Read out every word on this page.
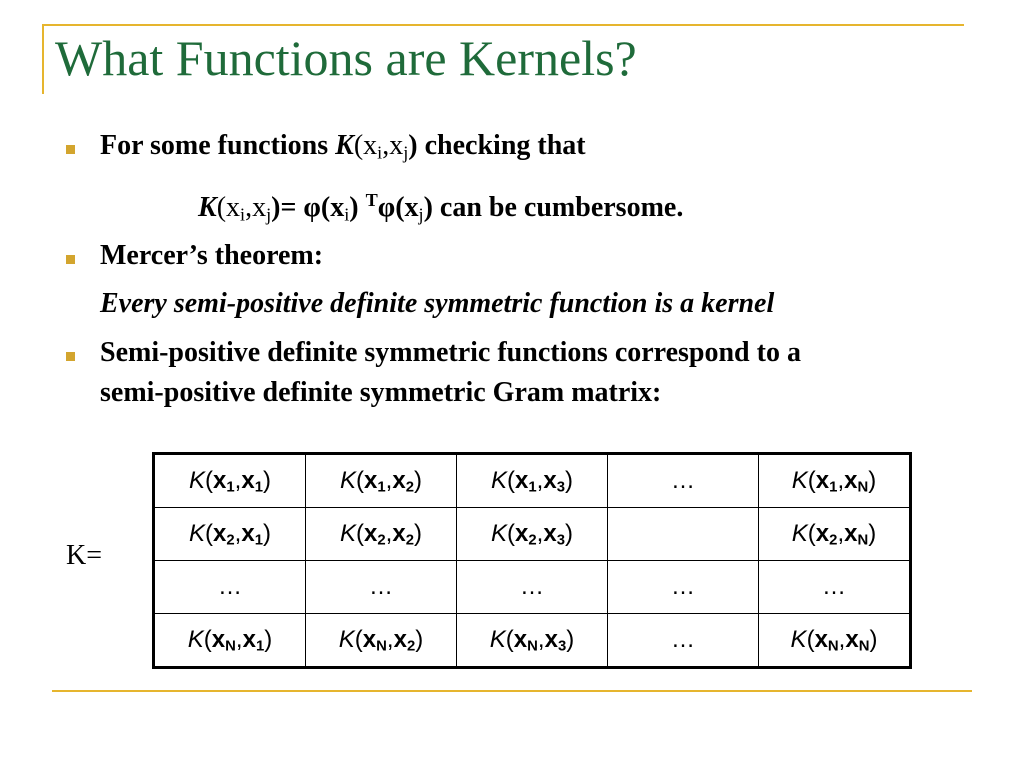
What Functions are Kernels?
For some functions $K(x_i,x_j)$ checking that
$K(x_i,x_j)= \varphi(x_i)$ $^T\varphi(x_j)$ can be cumbersome.
Mercer’s theorem:
Every semi-positive definite symmetric function is a kernel
Semi-positive definite symmetric functions correspond to a
semi-positive definite symmetric Gram matrix:
K=
$K(x_1,x_1)$	$K(x_1,x_2)$	$K(x_1,x_3)$	…	$K(x_1,x_N)$
$K(x_2,x_1)$	$K(x_2,x_2)$	$K(x_2,x_3)$		$K(x_2,x_N)$
…	…	…	…	…
$K(x_N,x_1)$	$K(x_N,x_2)$	$K(x_N,x_3)$	…	$K(x_N,x_N)$
